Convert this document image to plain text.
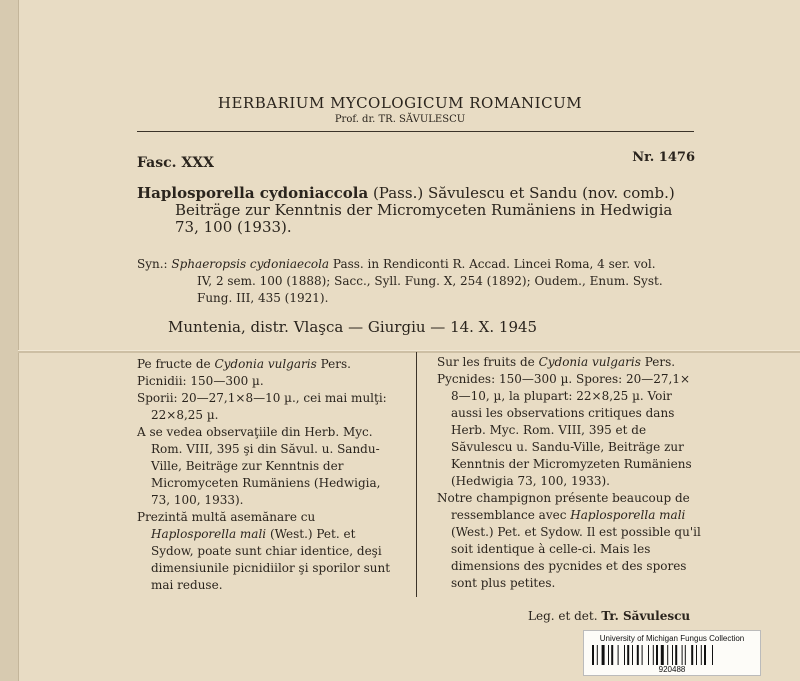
HERBARIUM MYCOLOGICUM ROMANICUM
Prof. dr. TR. SĂVULESCU
Fasc. XXX	Nr. 1476
Haplosporella cydoniaccola (Pass.) Săvulescu et Sandu (nov. comb.)
Beiträge zur Kenntnis der Micromyceten Rumäniens in Hedwigia
73, 100 (1933).
Syn.: Sphaeropsis cydoniaecola Pass. in Rendiconti R. Accad. Lincei Roma, 4 ser. vol.
IV, 2 sem. 100 (1888); Sacc., Syll. Fung. X, 254 (1892); Oudem., Enum. Syst.
Fung. III, 435 (1921).
Muntenia, distr. Vlaşca — Giurgiu — 14. X. 1945

Pe fructe de Cydonia vulgaris Pers.

Picnidii: 150—300 µ.

Sporii: 20—27,1×8—10 µ., cei mai mulţi: 22×8,25 µ.

A se vedea observaţiile din Herb. Myc. Rom. VIII, 395 şi din Săvul. u. Sandu-Ville, Beiträge zur Kenntnis der Micromyceten Rumäniens (Hedwigia, 73, 100, 1933).

Prezintă multă asemănare cu Haplosporella mali (West.) Pet. et Sydow, poate sunt chiar identice, deşi dimensiunile picnidiilor şi sporilor sunt mai reduse.

Sur les fruits de Cydonia vulgaris Pers.

Pycnides: 150—300 µ. Spores: 20—27,1× 8—10, µ, la plupart: 22×8,25 µ. Voir aussi les observations critiques dans Herb. Myc. Rom. VIII, 395 et de Săvulescu u. Sandu-Ville, Beiträge zur Kenntnis der Micromyzeten Rumäniens (Hedwigia 73, 100, 1933).

Notre champignon présente beaucoup de ressemblance avec Haplosporella mali (West.) Pet. et Sydow. Il est possible qu'il soit identique à celle-ci. Mais les dimensions des pycnides et des spores sont plus petites.

Leg. et det. Tr. Săvulescu
University of Michigan Fungus Collection
920488
